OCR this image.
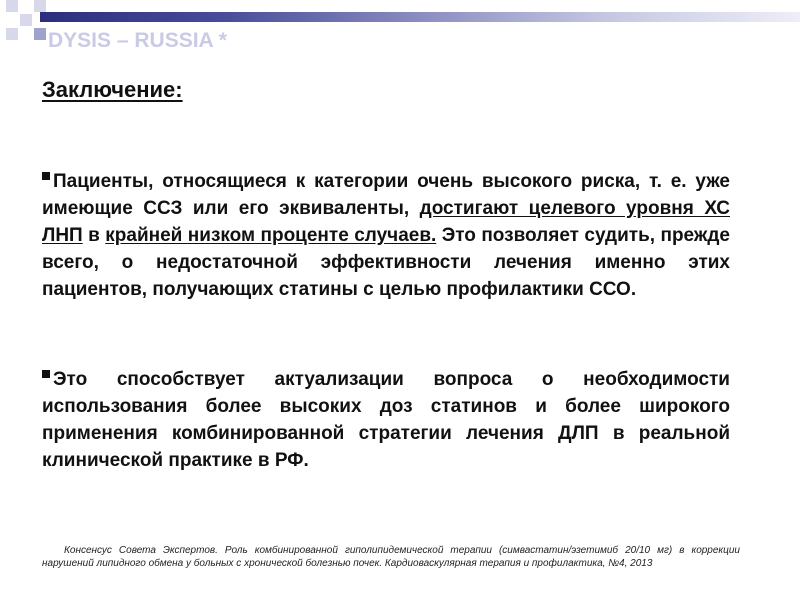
DYSIS – RUSSIA *
Заключение:
Пациенты, относящиеся к категории очень высокого риска, т. е. уже имеющие ССЗ или его эквиваленты, достигают целевого уровня ХС ЛНП в крайней низком проценте случаев. Это позволяет судить, прежде всего, о недостаточной эффективности лечения именно этих пациентов, получающих статины с целью профилактики ССО.
Это способствует актуализации вопроса о необходимости использования более высоких доз статинов и более широкого применения комбинированной стратегии лечения ДЛП в реальной клинической практике в РФ.
Консенсус Совета Экспертов. Роль комбинированной гиполипидемической терапии (симвастатин/эзетимиб 20/10 мг) в коррекции нарушений липидного обмена у больных с хронической болезнью почек. Кардиоваскулярная терапия и профилактика, №4, 2013
